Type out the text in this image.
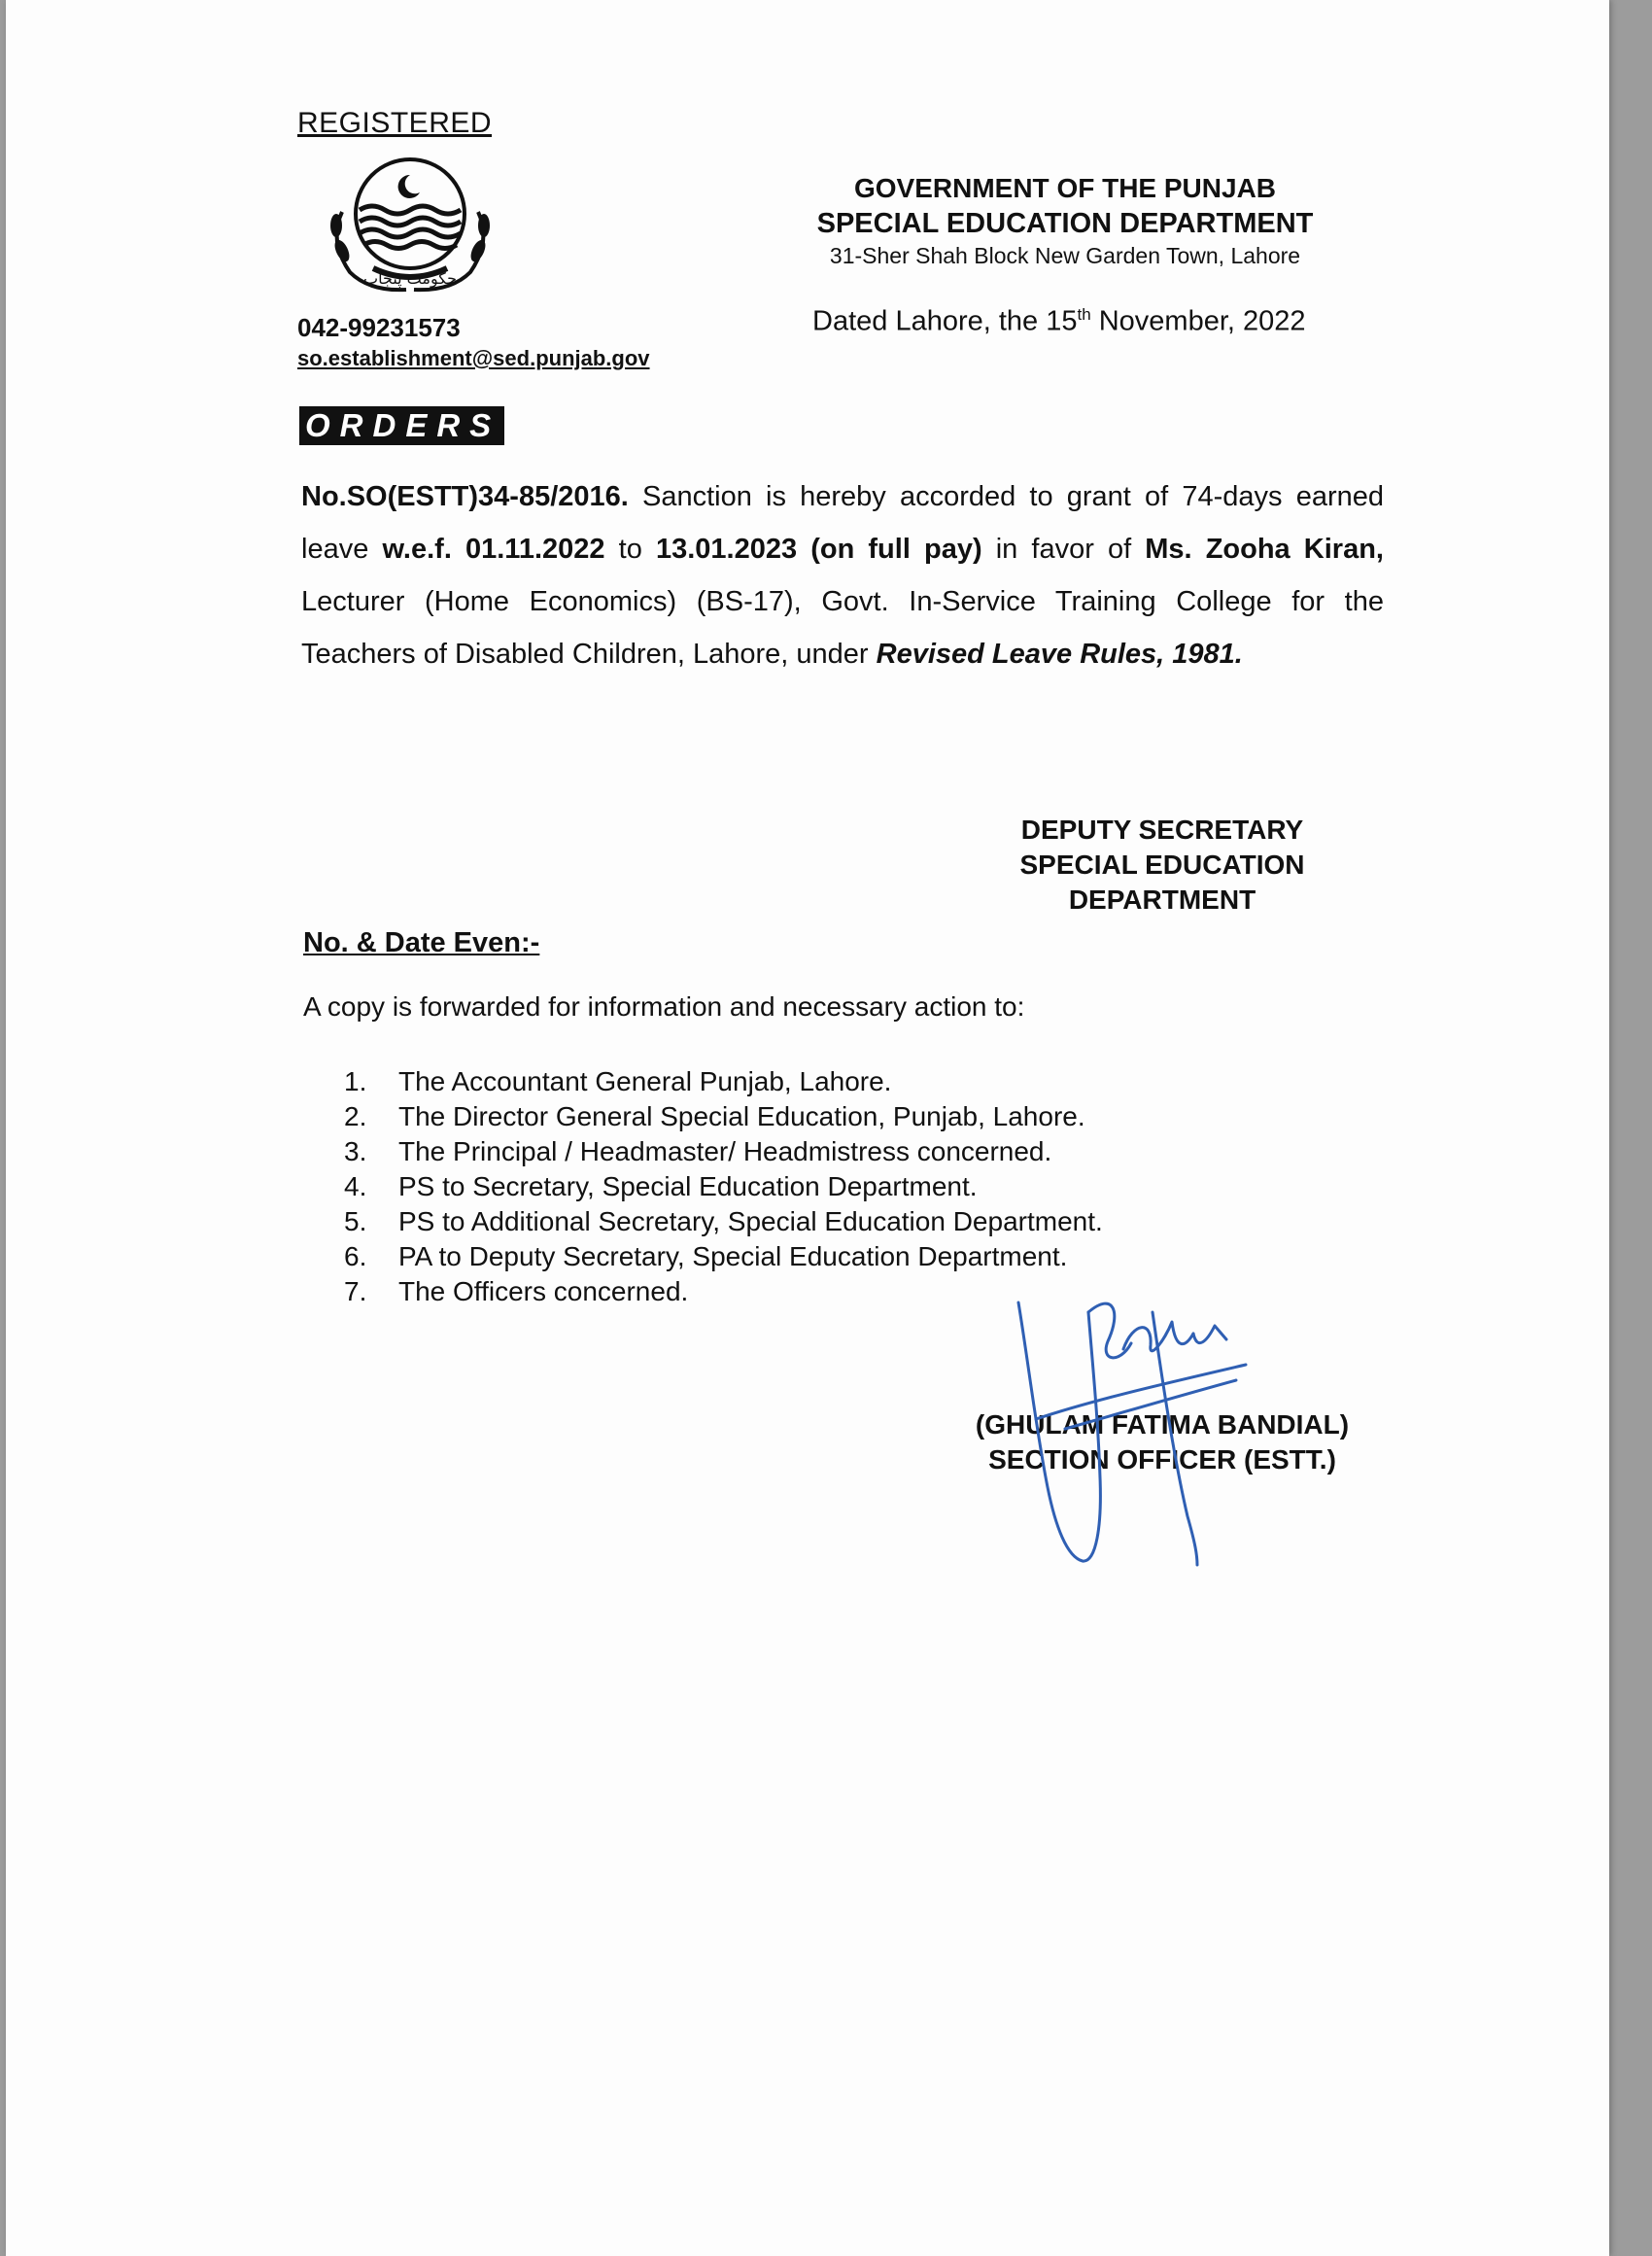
REGISTERED
حکومت پنجاب
042-99231573
so.establishment@sed.punjab.gov
GOVERNMENT OF THE PUNJAB
SPECIAL EDUCATION DEPARTMENT
31-Sher Shah Block New Garden Town, Lahore
Dated Lahore, the 15th November, 2022
ORDERS
No.SO(ESTT)34-85/2016. Sanction is hereby accorded to grant of 74-days earned leave w.e.f. 01.11.2022 to 13.01.2023 (on full pay) in favor of Ms. Zooha Kiran, Lecturer (Home Economics) (BS-17), Govt. In-Service Training College for the Teachers of Disabled Children, Lahore, under Revised Leave Rules, 1981.
DEPUTY SECRETARY
SPECIAL EDUCATION
DEPARTMENT
No. & Date Even:-
A copy is forwarded for information and necessary action to:
1.	The Accountant General Punjab, Lahore.
2.	The Director General Special Education, Punjab, Lahore.
3.	The Principal / Headmaster/ Headmistress concerned.
4.	PS to Secretary, Special Education Department.
5.	PS to Additional Secretary, Special Education Department.
6.	PA to Deputy Secretary, Special Education Department.
7.	The Officers concerned.
(GHULAM FATIMA BANDIAL)
SECTION OFFICER (ESTT.)
